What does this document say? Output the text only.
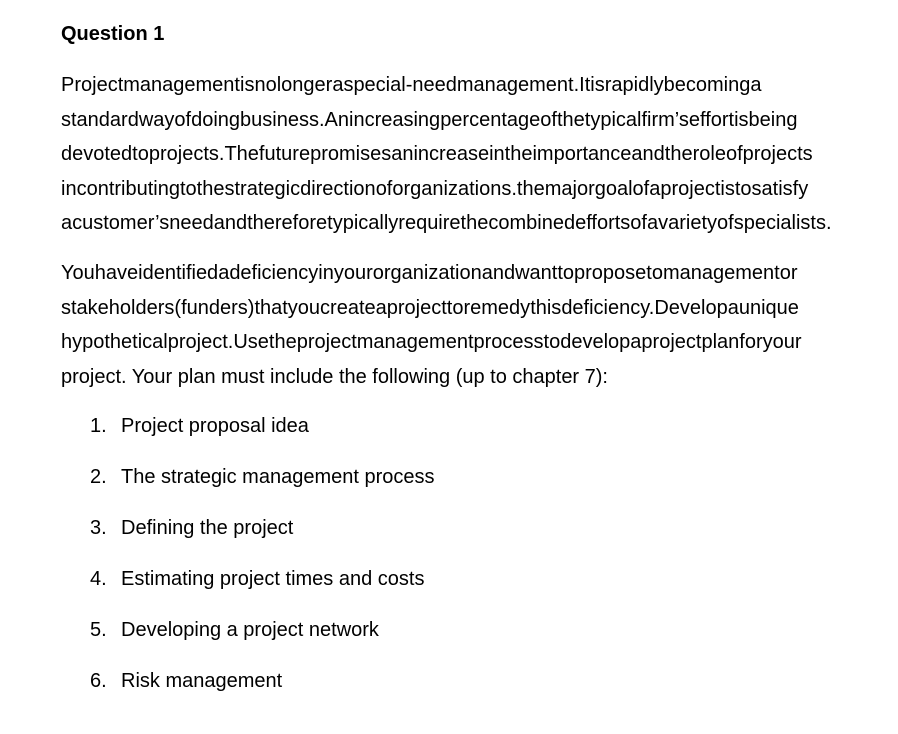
Question 1
Projectmanagementisnolongeraspecial-needmanagement.Itisrapidlybecominga
standardwayofdoingbusiness.Anincreasingpercentageofthetypicalfirm’seffortisbeing
devotedtoprojects.Thefuturepromisesanincreaseintheimportanceandtheroleofprojects
incontributingtothestrategicdirectionoforganizations.themajorgoalofaprojectistosatisfy
acustomer’sneedandthereforetypicallyrequirethecombinedeffortsofavarietyofspecialists.
Youhaveidentifiedadeficiencyinyourorganizationandwanttoproposetomanagementor
stakeholders(funders)thatyoucreateaprojecttoremedythisdeficiency.Developaunique
hypotheticalproject.Usetheprojectmanagementprocesstodevelopaprojectplanforyour
project. Your plan must include the following (up to chapter 7):
1. Project proposal idea
2. The strategic management process
3. Defining the project
4. Estimating project times and costs
5. Developing a project network
6. Risk management
